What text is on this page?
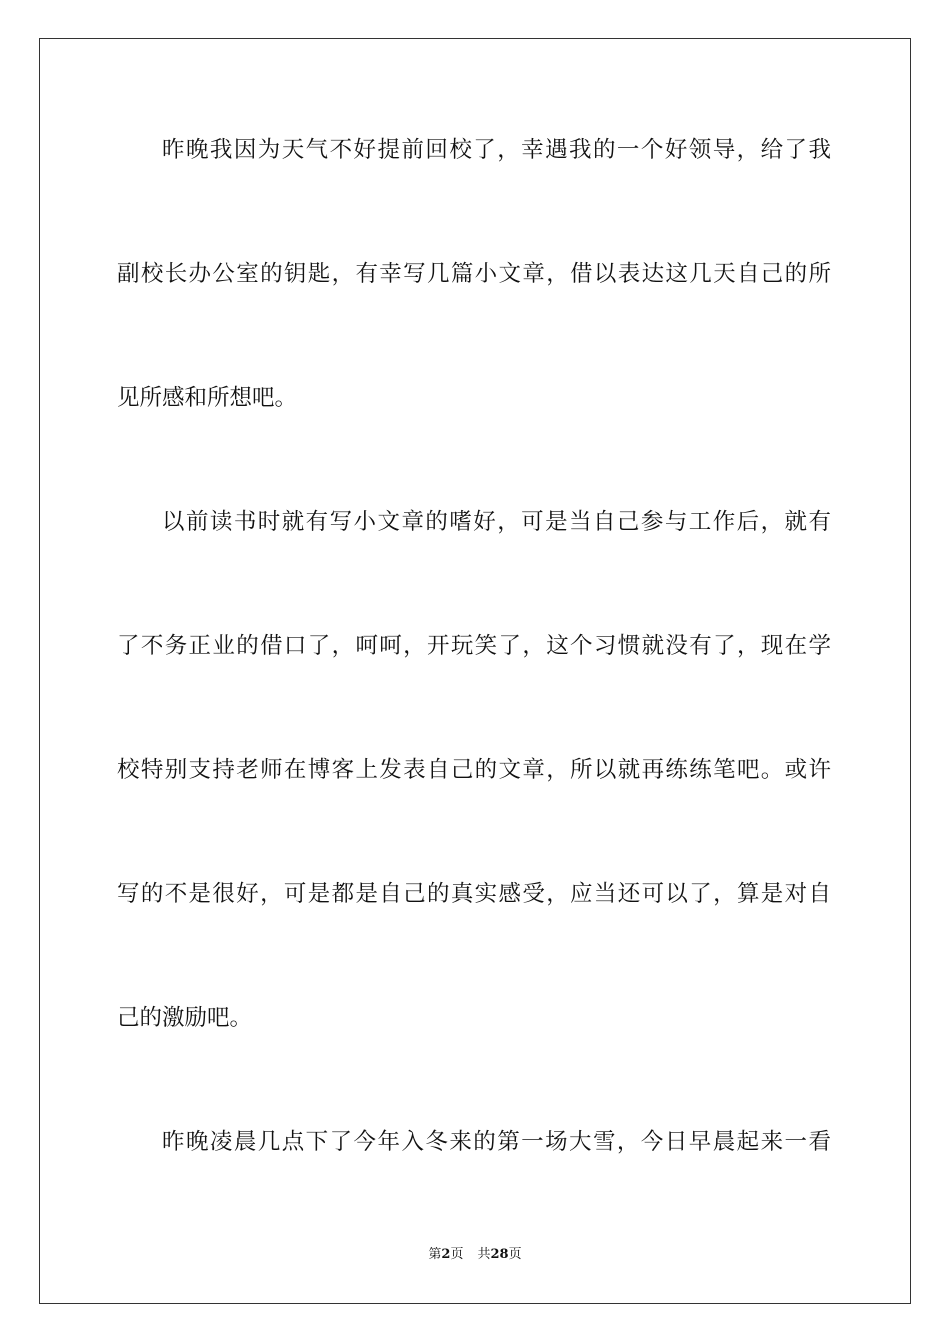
昨晚我因为天气不好提前回校了，幸遇我的一个好领导，给了我
副校长办公室的钥匙，有幸写几篇小文章，借以表达这几天自己的所
见所感和所想吧。
以前读书时就有写小文章的嗜好，可是当自己参与工作后，就有
了不务正业的借口了，呵呵，开玩笑了，这个习惯就没有了，现在学
校特别支持老师在博客上发表自己的文章，所以就再练练笔吧。或许
写的不是很好，可是都是自己的真实感受，应当还可以了，算是对自
己的激励吧。
昨晚凌晨几点下了今年入冬来的第一场大雪，今日早晨起来一看
第2页 共28页
